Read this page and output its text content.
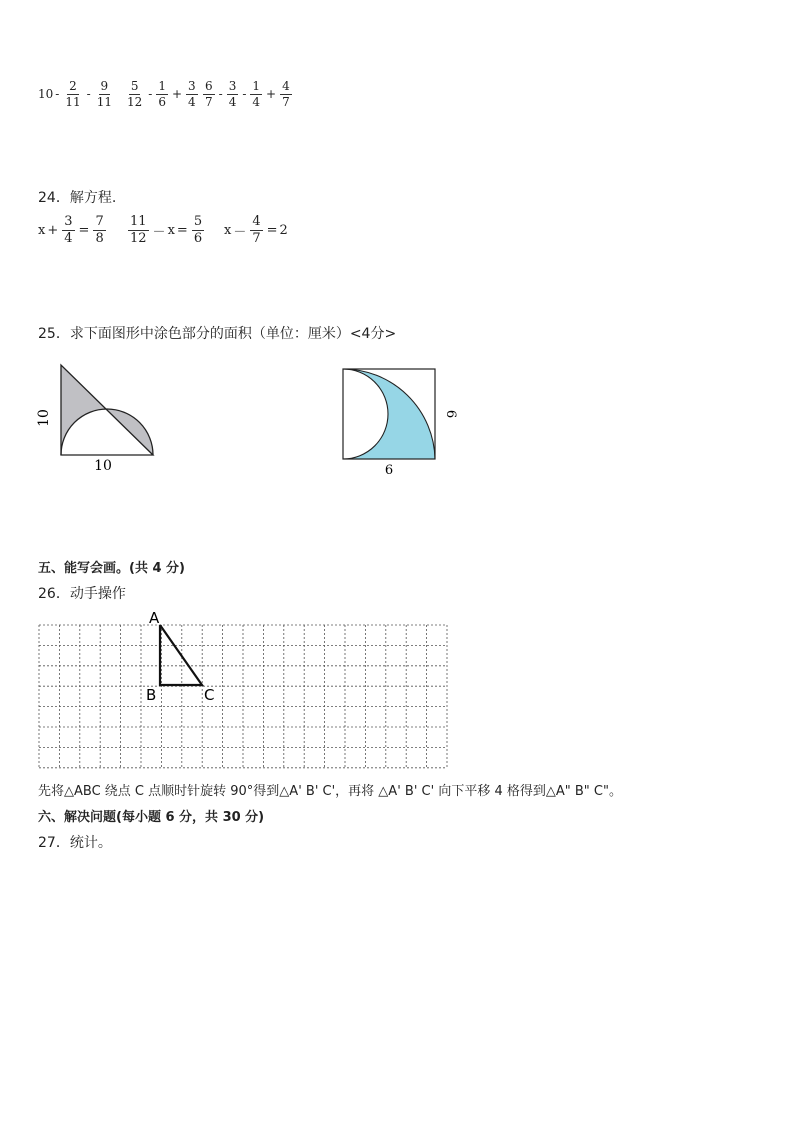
$10 - \frac{2}{11} - \frac{9}{11} \frac{5}{12} - \frac{1}{6} + \frac{3}{4} \frac{6}{7} - \frac{3}{4} - \frac{1}{4} + \frac{4}{7}$
24．解方程.
$x + \frac{3}{4} = \frac{7}{8} \frac{11}{12} - x = \frac{5}{6}$ $x - \frac{4}{7} = 2$
25．求下面图形中涂色部分的面积（单位：厘米）<4分>
10
10
6
6
五、能写会画。(共 4 分)
26．动手操作
A
B	C
先将△ABC 绕点 C 点顺时针旋转 90°得到△A' B' C'，再将 △A' B' C' 向下平移 4 格得到△A" B" C"。
六、解决问题(每小题 6 分，共 30 分)
27．统计。
